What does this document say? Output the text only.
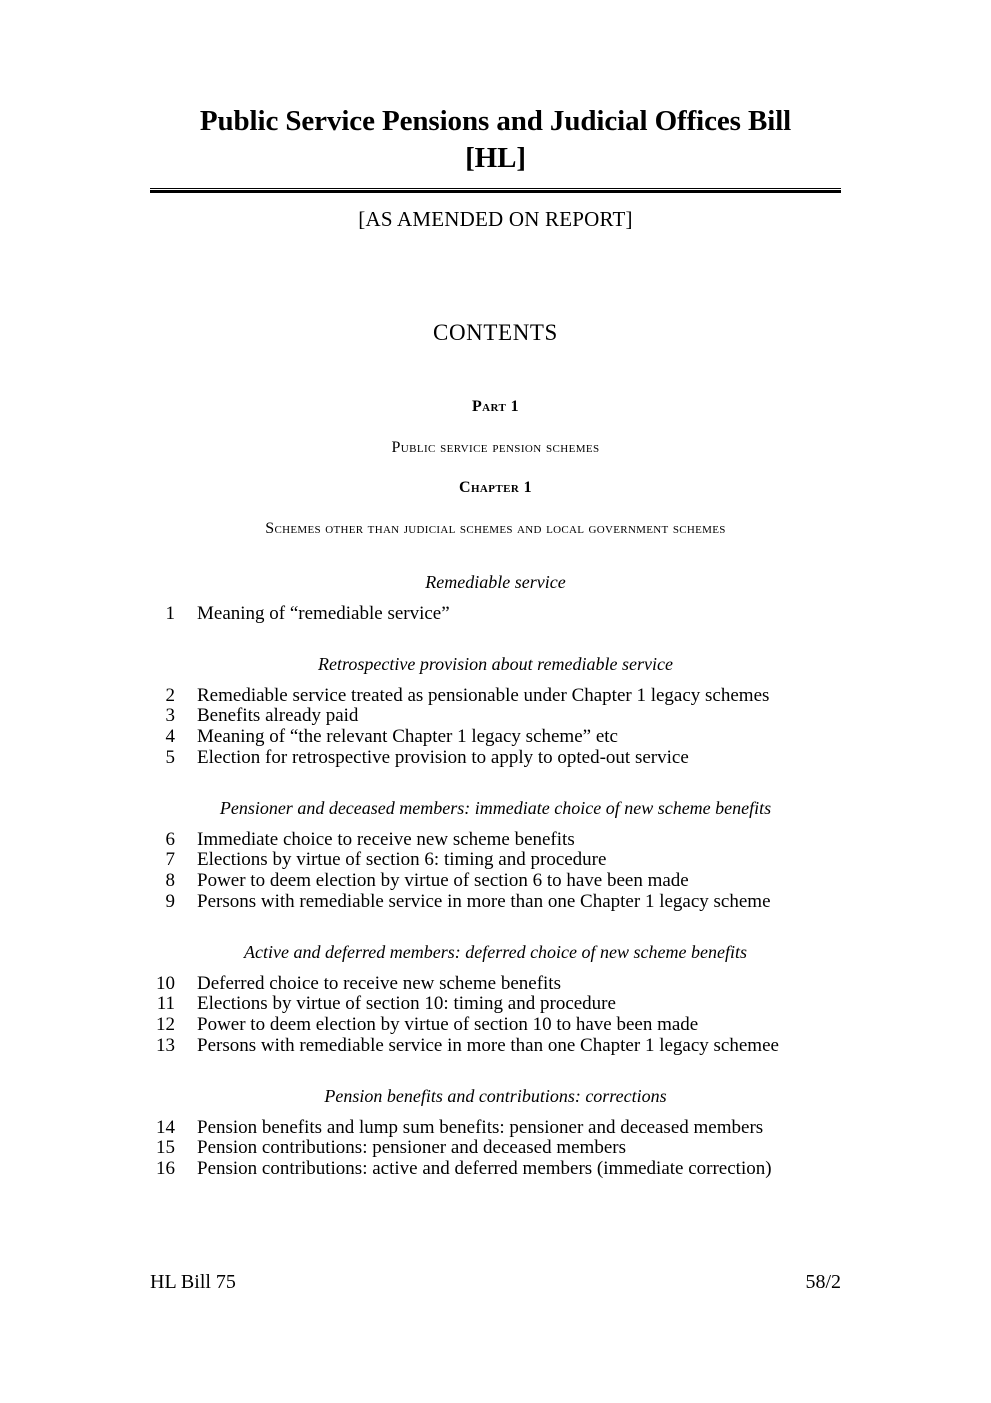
Public Service Pensions and Judicial Offices Bill
[HL]

[AS AMENDED ON REPORT]

CONTENTS
Part 1

Public service pension schemes

Chapter 1

Schemes other than judicial schemes and local government schemes

Remediable service

1	Meaning of “remediable service”

Retrospective provision about remediable service

2	Remediable service treated as pensionable under Chapter 1 legacy schemes
3	Benefits already paid
4	Meaning of “the relevant Chapter 1 legacy scheme” etc
5	Election for retrospective provision to apply to opted-out service

Pensioner and deceased members: immediate choice of new scheme benefits

6	Immediate choice to receive new scheme benefits
7	Elections by virtue of section 6: timing and procedure
8	Power to deem election by virtue of section 6 to have been made
9	Persons with remediable service in more than one Chapter 1 legacy scheme

Active and deferred members: deferred choice of new scheme benefits

10	Deferred choice to receive new scheme benefits
11	Elections by virtue of section 10: timing and procedure
12	Power to deem election by virtue of section 10 to have been made
13	Persons with remediable service in more than one Chapter 1 legacy schemee

Pension benefits and contributions: corrections

14	Pension benefits and lump sum benefits: pensioner and deceased members
15	Pension contributions: pensioner and deceased members
16	Pension contributions: active and deferred members (immediate correction)
HL Bill 75	58/2
